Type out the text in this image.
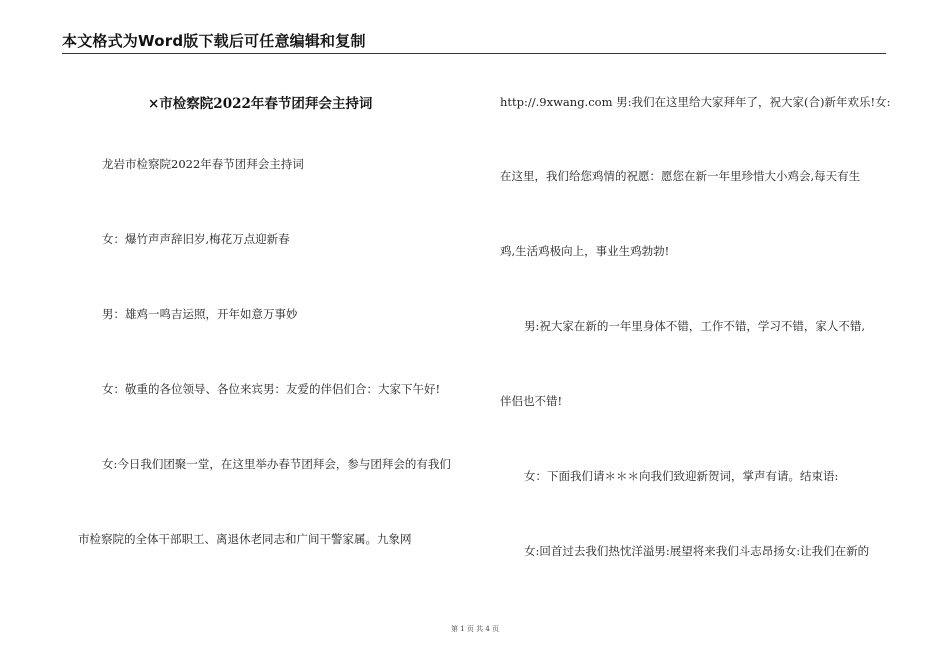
本文格式为Word版下载后可任意编辑和复制
×市检察院2022年春节团拜会主持词
龙岩市检察院2022年春节团拜会主持词
女：爆竹声声辞旧岁,梅花万点迎新春
男：雄鸡一鸣吉运照，开年如意万事妙
女：敬重的各位领导、各位来宾男：友爱的伴侣们合：大家下午好!
女:今日我们团聚一堂，在这里举办春节团拜会，参与团拜会的有我们
市检察院的全体干部职工、离退休老同志和广间干警家属。九象网
http://.9xwang.com 男:我们在这里给大家拜年了，祝大家(合)新年欢乐!女:
在这里，我们给您鸡情的祝愿：愿您在新一年里珍惜大小鸡会,每天有生
鸡,生活鸡极向上，事业生鸡勃勃!
男:祝大家在新的一年里身体不错，工作不错，学习不错，家人不错,
伴侣也不错!
女：下面我们请＊＊＊向我们致迎新贺词，掌声有请。结束语:
女:回首过去我们热忱洋溢男:展望将来我们斗志昂扬女:让我们在新的
第 1 页 共 4 页
